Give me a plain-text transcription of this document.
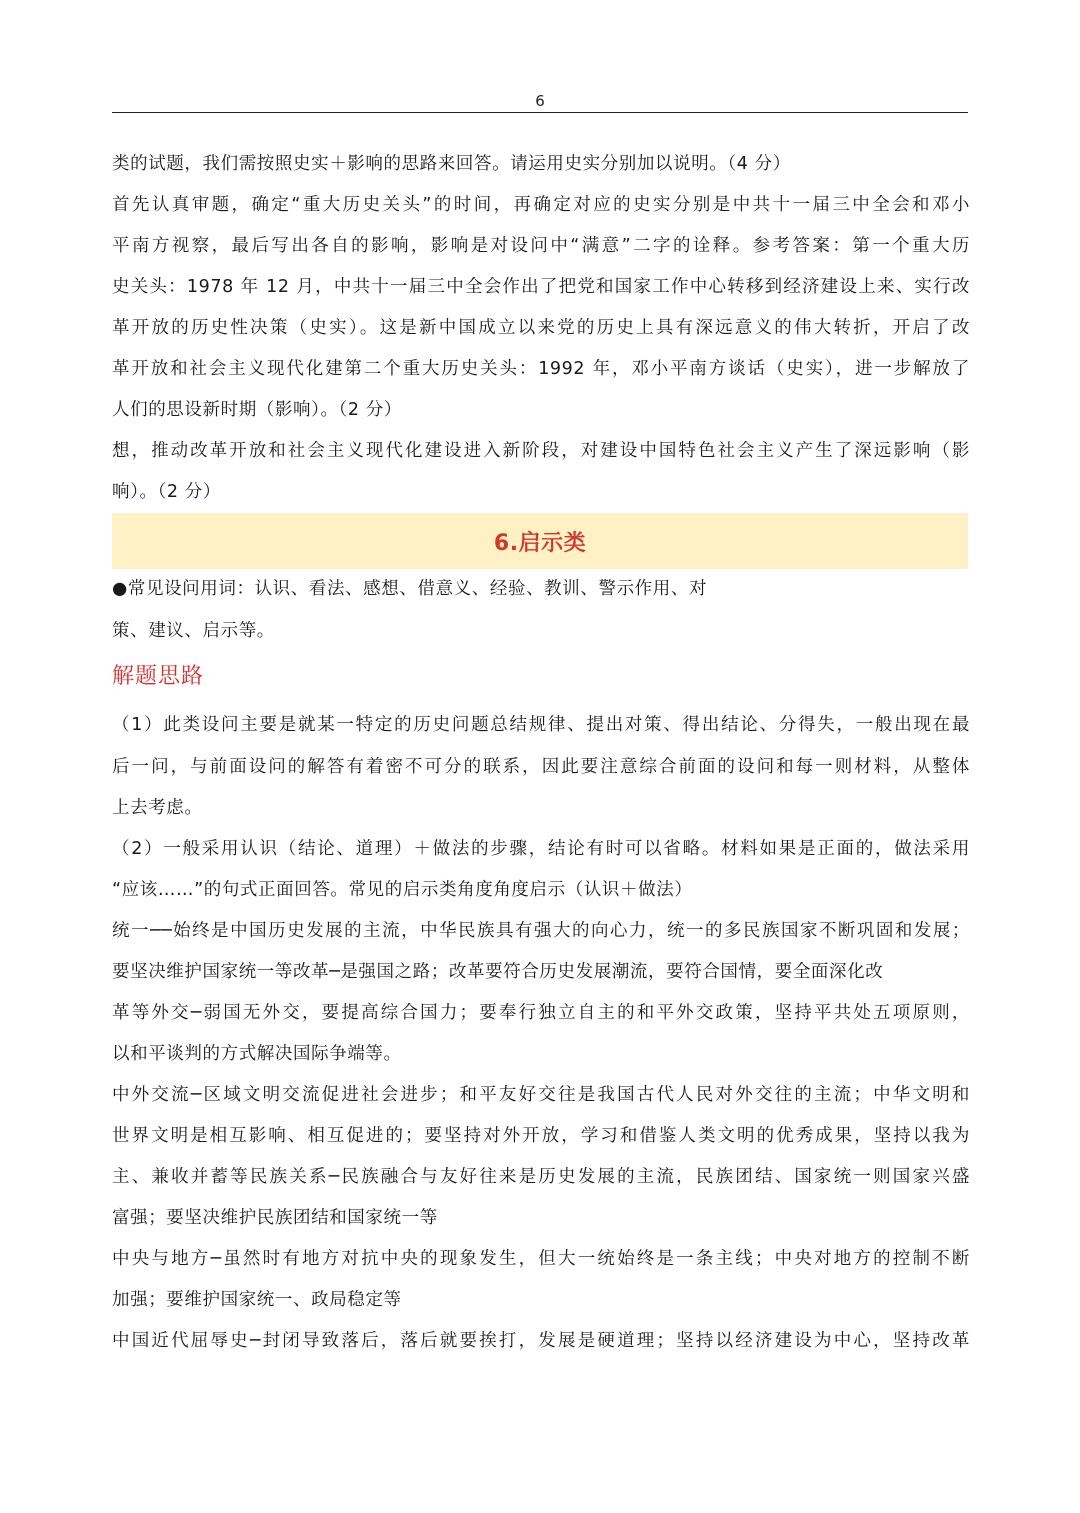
6
类的试题，我们需按照史实＋影响的思路来回答。请运用史实分别加以说明。（4 分）
首先认真审题，确定“重大历史关头”的时间，再确定对应的史实分别是中共十一届三中全会和邓小
平南方视察，最后写出各自的影响，影响是对设问中“满意”二字的诠释。参考答案：第一个重大历
史关头：1978 年 12 月，中共十一届三中全会作出了把党和国家工作中心转移到经济建设上来、实行改
革开放的历史性决策（史实）。这是新中国成立以来党的历史上具有深远意义的伟大转折，开启了改
革开放和社会主义现代化建第二个重大历史关头：1992 年，邓小平南方谈话（史实），进一步解放了
人们的思设新时期（影响）。（2 分）
想，推动改革开放和社会主义现代化建设进入新阶段，对建设中国特色社会主义产生了深远影响（影
响）。（2 分）
6.启示类
●常见设问用词：认识、看法、感想、借意义、经验、教训、警示作用、对
策、建议、启示等。
解题思路
（1）此类设问主要是就某一特定的历史问题总结规律、提出对策、得出结论、分得失，一般出现在最
后一问，与前面设问的解答有着密不可分的联系，因此要注意综合前面的设问和每一则材料，从整体
上去考虑。
（2）一般采用认识（结论、道理）＋做法的步骤，结论有时可以省略。材料如果是正面的，做法采用
“应该……”的句式正面回答。常见的启示类角度角度启示（认识＋做法）
统一──始终是中国历史发展的主流，中华民族具有强大的向心力，统一的多民族国家不断巩固和发展；
要坚决维护国家统一等改革─是强国之路；改革要符合历史发展潮流，要符合国情，要全面深化改
革等外交─弱国无外交，要提高综合国力；要奉行独立自主的和平外交政策，坚持平共处五项原则，
以和平谈判的方式解决国际争端等。
中外交流─区域文明交流促进社会进步；和平友好交往是我国古代人民对外交往的主流；中华文明和
世界文明是相互影响、相互促进的；要坚持对外开放，学习和借鉴人类文明的优秀成果，坚持以我为
主、兼收并蓄等民族关系─民族融合与友好往来是历史发展的主流，民族团结、国家统一则国家兴盛
富强；要坚决维护民族团结和国家统一等
中央与地方─虽然时有地方对抗中央的现象发生，但大一统始终是一条主线；中央对地方的控制不断
加强；要维护国家统一、政局稳定等
中国近代屈辱史─封闭导致落后，落后就要挨打，发展是硬道理；坚持以经济建设为中心，坚持改革
